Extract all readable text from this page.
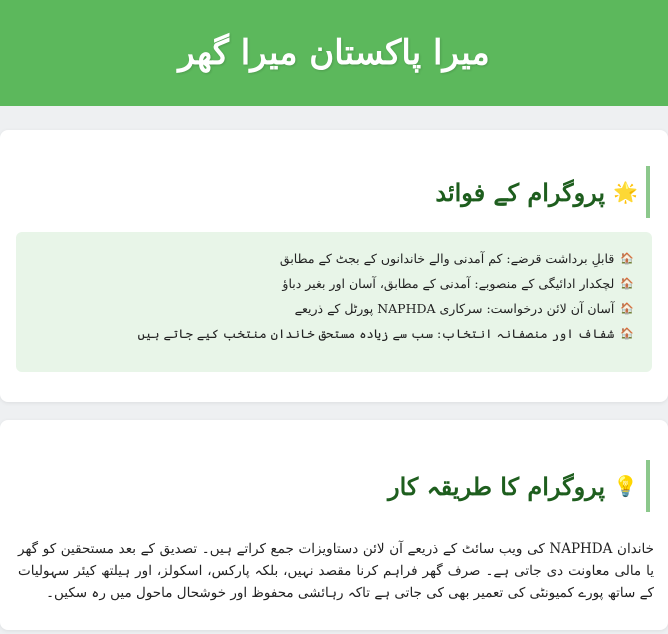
میرا پاکستان میرا گھر
🌟
پروگرام کے فوائد
🏠
قابلِ برداشت قرضے: کم آمدنی والے خاندانوں کے بجٹ کے مطابق
🏠
لچکدار ادائیگی کے منصوبے: آمدنی کے مطابق، آسان اور بغیر دباؤ
🏠
آسان آن لائن درخواست: سرکاری NAPHDA پورٹل کے ذریعے
🏠
شفاف اور منصفانہ انتخاب: سب سے زیادہ مستحق خاندان منتخب کیے جاتے ہیں
💡
پروگرام کا طریقہ کار

خاندان NAPHDA کی ویب سائٹ کے ذریعے آن لائن دستاویزات جمع کراتے ہیں۔ تصدیق کے بعد مستحقین کو گھر یا مالی معاونت دی جاتی ہے۔ صرف گھر فراہم کرنا مقصد نہیں، بلکہ پارکس، اسکولز، اور ہیلتھ کیئر سہولیات کے ساتھ پورے کمیونٹی کی تعمیر بھی کی جاتی ہے تاکہ رہائشی محفوظ اور خوشحال ماحول میں رہ سکیں۔
